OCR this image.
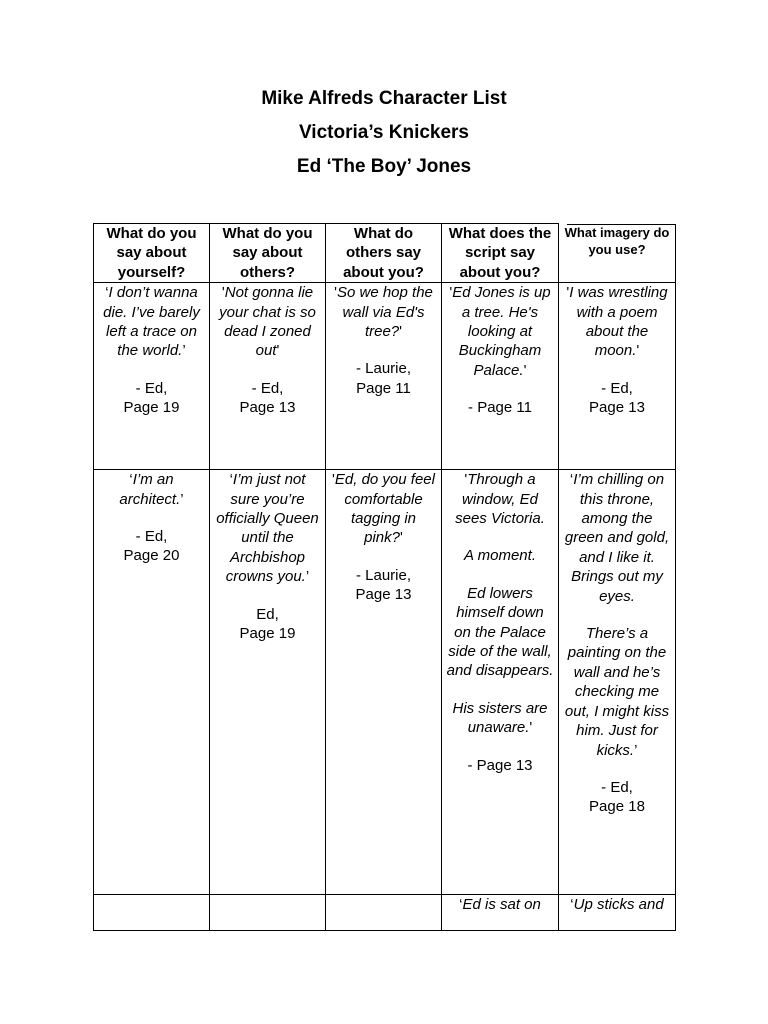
Mike Alfreds Character List
Victoria’s Knickers
Ed ‘The Boy’ Jones
What do you say about yourself?	What do you say about others?	What do others say about you?	What does the script say about you?	What imagery do you use?

‘I don’t wanna die. I’ve barely left a trace on the world.’
- Ed,
Page 19	'Not gonna lie your chat is so dead I zoned out'
- Ed,
Page 13	'So we hop the wall via Ed's tree?'
- Laurie,
Page 11	'Ed Jones is up a tree. He's looking at Buckingham Palace.'
- Page 11	'I was wrestling with a poem about the moon.'
- Ed,
Page 13

‘I’m an architect.’
- Ed,
Page 20	‘I’m just not sure you’re officially Queen until the Archbishop crowns you.’
Ed,
Page 19	'Ed, do you feel comfortable tagging in pink?'
- Laurie,
Page 13	'Through a window, Ed sees Victoria.
A moment.
Ed lowers himself down on the Palace side of the wall, and disappears.
His sisters are unaware.'
- Page 13	‘I’m chilling on this throne, among the green and gold, and I like it. Brings out my eyes.
There’s a painting on the wall and he’s checking me out, I might kiss him. Just for kicks.’
- Ed,
Page 18

			‘Ed is sat on	‘Up sticks and
